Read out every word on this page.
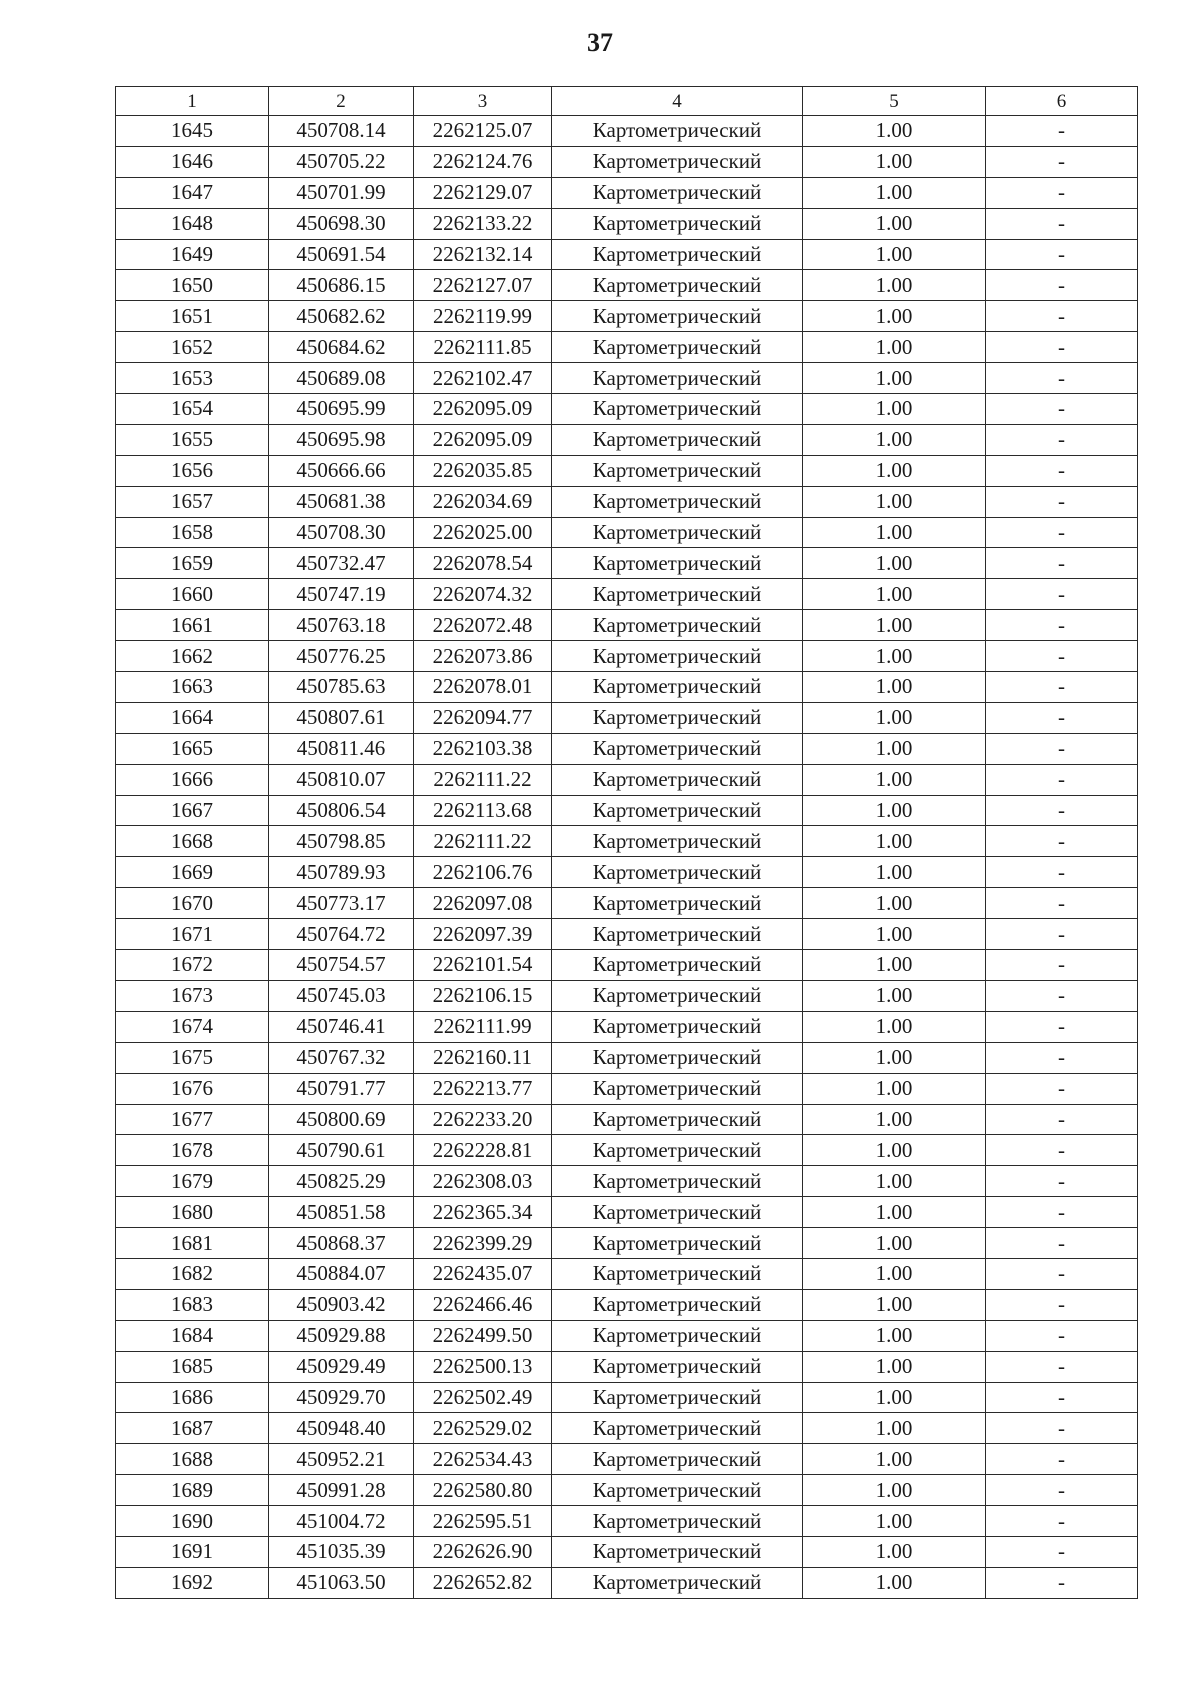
37
1	2	3	4	5	6
1645	450708.14	2262125.07	Картометрический	1.00	-
1646	450705.22	2262124.76	Картометрический	1.00	-
1647	450701.99	2262129.07	Картометрический	1.00	-
1648	450698.30	2262133.22	Картометрический	1.00	-
1649	450691.54	2262132.14	Картометрический	1.00	-
1650	450686.15	2262127.07	Картометрический	1.00	-
1651	450682.62	2262119.99	Картометрический	1.00	-
1652	450684.62	2262111.85	Картометрический	1.00	-
1653	450689.08	2262102.47	Картометрический	1.00	-
1654	450695.99	2262095.09	Картометрический	1.00	-
1655	450695.98	2262095.09	Картометрический	1.00	-
1656	450666.66	2262035.85	Картометрический	1.00	-
1657	450681.38	2262034.69	Картометрический	1.00	-
1658	450708.30	2262025.00	Картометрический	1.00	-
1659	450732.47	2262078.54	Картометрический	1.00	-
1660	450747.19	2262074.32	Картометрический	1.00	-
1661	450763.18	2262072.48	Картометрический	1.00	-
1662	450776.25	2262073.86	Картометрический	1.00	-
1663	450785.63	2262078.01	Картометрический	1.00	-
1664	450807.61	2262094.77	Картометрический	1.00	-
1665	450811.46	2262103.38	Картометрический	1.00	-
1666	450810.07	2262111.22	Картометрический	1.00	-
1667	450806.54	2262113.68	Картометрический	1.00	-
1668	450798.85	2262111.22	Картометрический	1.00	-
1669	450789.93	2262106.76	Картометрический	1.00	-
1670	450773.17	2262097.08	Картометрический	1.00	-
1671	450764.72	2262097.39	Картометрический	1.00	-
1672	450754.57	2262101.54	Картометрический	1.00	-
1673	450745.03	2262106.15	Картометрический	1.00	-
1674	450746.41	2262111.99	Картометрический	1.00	-
1675	450767.32	2262160.11	Картометрический	1.00	-
1676	450791.77	2262213.77	Картометрический	1.00	-
1677	450800.69	2262233.20	Картометрический	1.00	-
1678	450790.61	2262228.81	Картометрический	1.00	-
1679	450825.29	2262308.03	Картометрический	1.00	-
1680	450851.58	2262365.34	Картометрический	1.00	-
1681	450868.37	2262399.29	Картометрический	1.00	-
1682	450884.07	2262435.07	Картометрический	1.00	-
1683	450903.42	2262466.46	Картометрический	1.00	-
1684	450929.88	2262499.50	Картометрический	1.00	-
1685	450929.49	2262500.13	Картометрический	1.00	-
1686	450929.70	2262502.49	Картометрический	1.00	-
1687	450948.40	2262529.02	Картометрический	1.00	-
1688	450952.21	2262534.43	Картометрический	1.00	-
1689	450991.28	2262580.80	Картометрический	1.00	-
1690	451004.72	2262595.51	Картометрический	1.00	-
1691	451035.39	2262626.90	Картометрический	1.00	-
1692	451063.50	2262652.82	Картометрический	1.00	-
